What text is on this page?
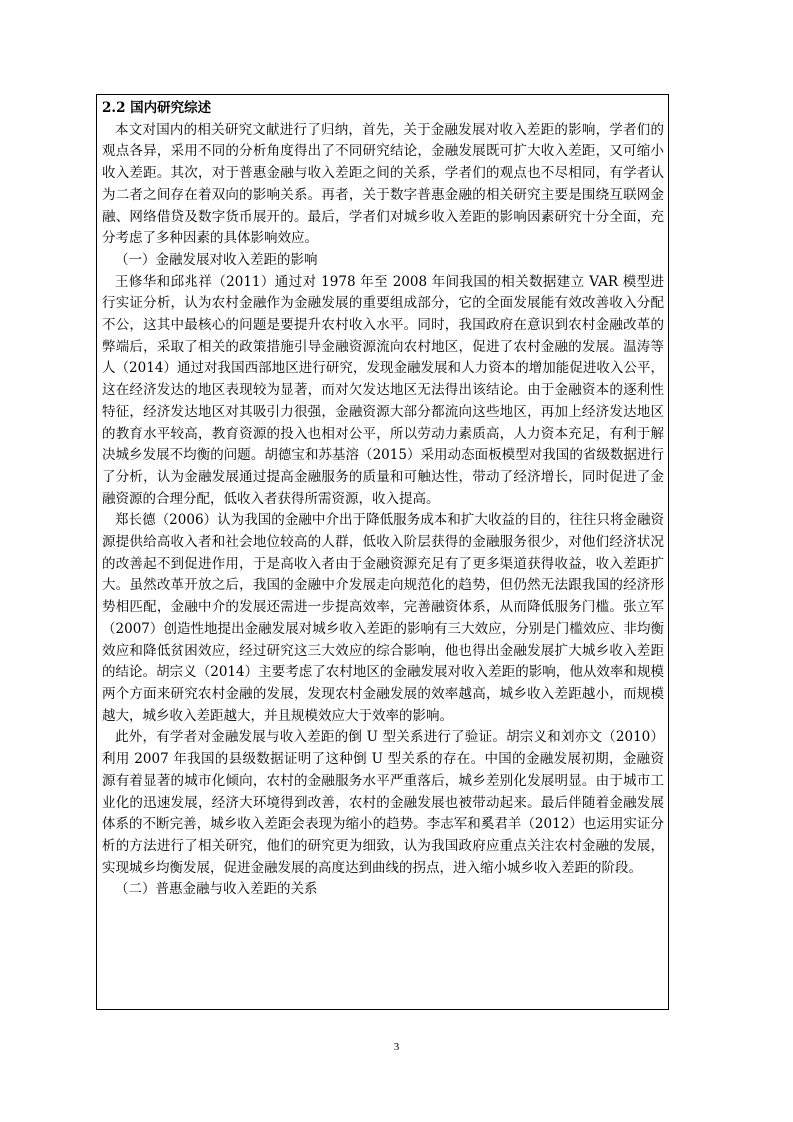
2.2 国内研究综述

本文对国内的相关研究文献进行了归纳，首先，关于金融发展对收入差距的影响，学者们的观点各异，采用不同的分析角度得出了不同研究结论，金融发展既可扩大收入差距，又可缩小收入差距。其次，对于普惠金融与收入差距之间的关系，学者们的观点也不尽相同，有学者认为二者之间存在着双向的影响关系。再者，关于数字普惠金融的相关研究主要是围绕互联网金融、网络借贷及数字货币展开的。最后，学者们对城乡收入差距的影响因素研究十分全面，充分考虑了多种因素的具体影响效应。

（一）金融发展对收入差距的影响

王修华和邱兆祥（2011）通过对 1978 年至 2008 年间我国的相关数据建立 VAR 模型进行实证分析，认为农村金融作为金融发展的重要组成部分，它的全面发展能有效改善收入分配不公，这其中最核心的问题是要提升农村收入水平。同时，我国政府在意识到农村金融改革的弊端后，采取了相关的政策措施引导金融资源流向农村地区，促进了农村金融的发展。温涛等人（2014）通过对我国西部地区进行研究，发现金融发展和人力资本的增加能促进收入公平，这在经济发达的地区表现较为显著，而对欠发达地区无法得出该结论。由于金融资本的逐利性特征，经济发达地区对其吸引力很强，金融资源大部分都流向这些地区，再加上经济发达地区的教育水平较高，教育资源的投入也相对公平，所以劳动力素质高，人力资本充足，有利于解决城乡发展不均衡的问题。胡德宝和苏基溶（2015）采用动态面板模型对我国的省级数据进行了分析，认为金融发展通过提高金融服务的质量和可触达性，带动了经济增长，同时促进了金融资源的合理分配，低收入者获得所需资源，收入提高。

郑长德（2006）认为我国的金融中介出于降低服务成本和扩大收益的目的，往往只将金融资源提供给高收入者和社会地位较高的人群，低收入阶层获得的金融服务很少，对他们经济状况的改善起不到促进作用，于是高收入者由于金融资源充足有了更多渠道获得收益，收入差距扩大。虽然改革开放之后，我国的金融中介发展走向规范化的趋势，但仍然无法跟我国的经济形势相匹配，金融中介的发展还需进一步提高效率，完善融资体系，从而降低服务门槛。张立军（2007）创造性地提出金融发展对城乡收入差距的影响有三大效应，分别是门槛效应、非均衡效应和降低贫困效应，经过研究这三大效应的综合影响，他也得出金融发展扩大城乡收入差距的结论。胡宗义（2014）主要考虑了农村地区的金融发展对收入差距的影响，他从效率和规模两个方面来研究农村金融的发展，发现农村金融发展的效率越高，城乡收入差距越小，而规模越大，城乡收入差距越大，并且规模效应大于效率的影响。

此外，有学者对金融发展与收入差距的倒 U 型关系进行了验证。胡宗义和刘亦文（2010）利用 2007 年我国的县级数据证明了这种倒 U 型关系的存在。中国的金融发展初期，金融资源有着显著的城市化倾向，农村的金融服务水平严重落后，城乡差别化发展明显。由于城市工业化的迅速发展，经济大环境得到改善，农村的金融发展也被带动起来。最后伴随着金融发展体系的不断完善，城乡收入差距会表现为缩小的趋势。李志军和奚君羊（2012）也运用实证分析的方法进行了相关研究，他们的研究更为细致，认为我国政府应重点关注农村金融的发展，实现城乡均衡发展，促进金融发展的高度达到曲线的拐点，进入缩小城乡收入差距的阶段。

（二）普惠金融与收入差距的关系

3
